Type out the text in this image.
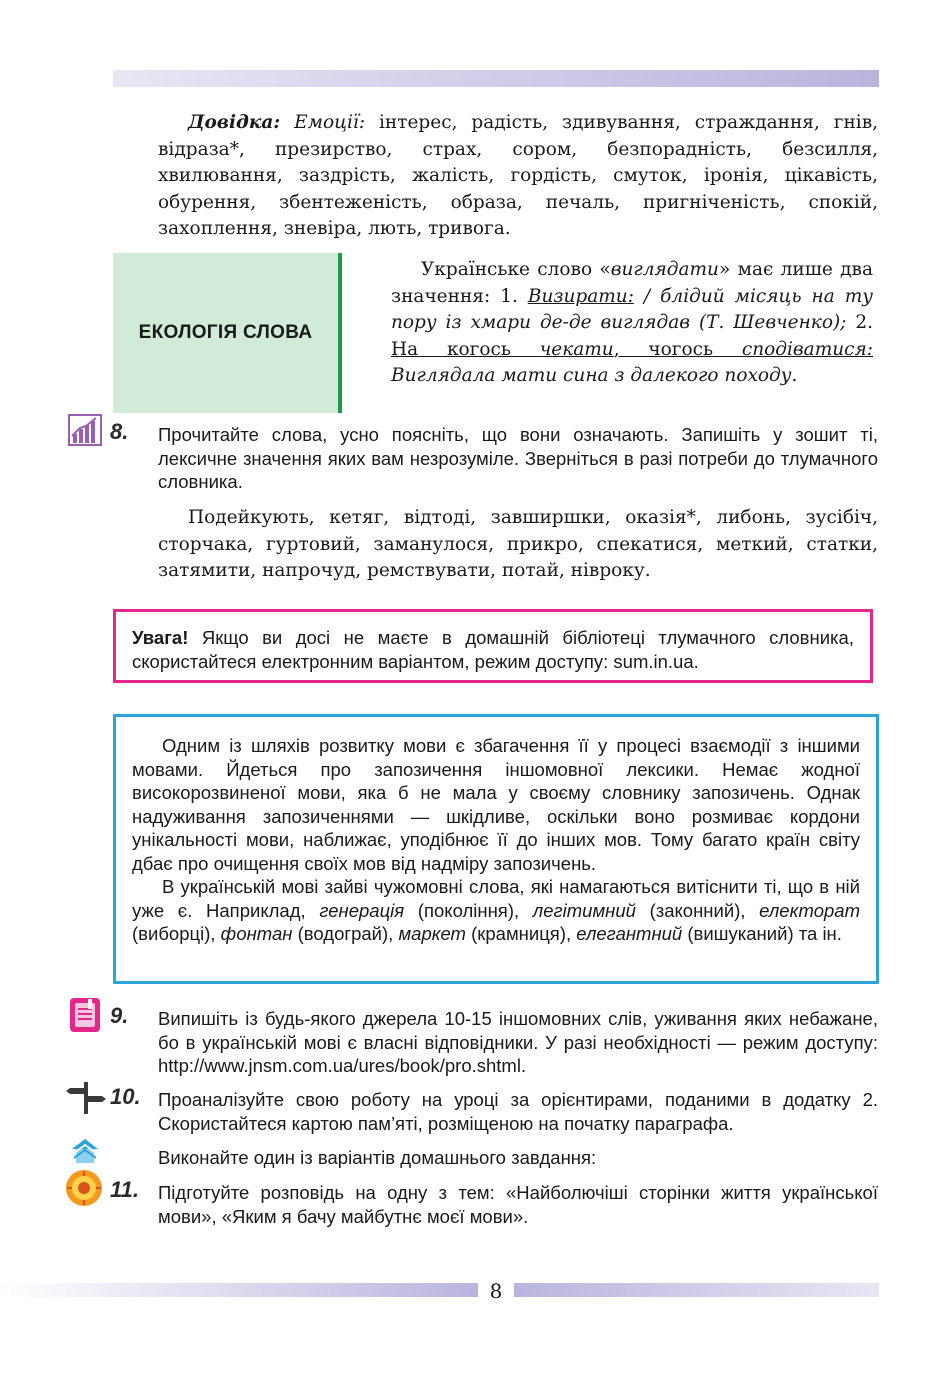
Довідка: Емоції: інтерес, радість, здивування, страждання, гнів, відраза*, презирство, страх, сором, безпорадність, безсилля, хвилювання, заздрість, жалість, гордість, смуток, іронія, цікавість, обурення, збентеженість, образа, печаль, пригніченість, спокій, захоплення, зневіра, лють, тривога.
ЕКОЛОГІЯ СЛОВА
Українське слово «виглядати» має лише два значення: 1. Визирати: / блідий місяць на ту пору із хмари де-де виглядав (Т. Шевченко); 2. На когось чекати, чогось сподіватися: Виглядала мати сина з далекого походу.
8. Прочитайте слова, усно поясніть, що вони означають. Запишіть у зошит ті, лексичне значення яких вам незрозуміле. Зверніться в разі потреби до тлумачного словника.
Подейкують, кетяг, відтоді, завширшки, оказія*, либонь, зусібіч, сторчака, гуртовий, заманулося, прикро, спекатися, меткий, статки, затямити, напрочуд, ремствувати, потай, нівроку.
Увага! Якщо ви досі не маєте в домашній бібліотеці тлумачного словника, скористайтеся електронним варіантом, режим доступу: sum.in.ua.

Одним із шляхів розвитку мови є збагачення її у процесі взаємодії з іншими мовами. Йдеться про запозичення іншомовної лексики. Немає жодної високорозвиненої мови, яка б не мала у своєму словнику запозичень. Однак надуживання запозиченнями — шкідливе, оскільки воно розмиває кордони унікальності мови, наближає, уподібнює її до інших мов. Тому багато країн світу дбає про очищення своїх мов від надміру запозичень.

В українській мові зайві чужомовні слова, які намагаються витіснити ті, що в ній уже є. Наприклад, генерація (покоління), легітимний (законний), електорат (виборці), фонтан (водограй), маркет (крамниця), елегантний (вишуканий) та ін.

9. Випишіть із будь-якого джерела 10-15 іншомовних слів, уживання яких небажане, бо в українській мові є власні відповідники. У разі необхідності — режим доступу: http://www.jnsm.com.ua/ures/book/pro.shtml.
10. Проаналізуйте свою роботу на уроці за орієнтирами, поданими в додатку 2. Скористайтеся картою пам’яті, розміщеною на початку параграфа.
Виконайте один із варіантів домашнього завдання:
11. Підготуйте розповідь на одну з тем: «Найболючіші сторінки життя української мови», «Яким я бачу майбутнє моєї мови».
8
